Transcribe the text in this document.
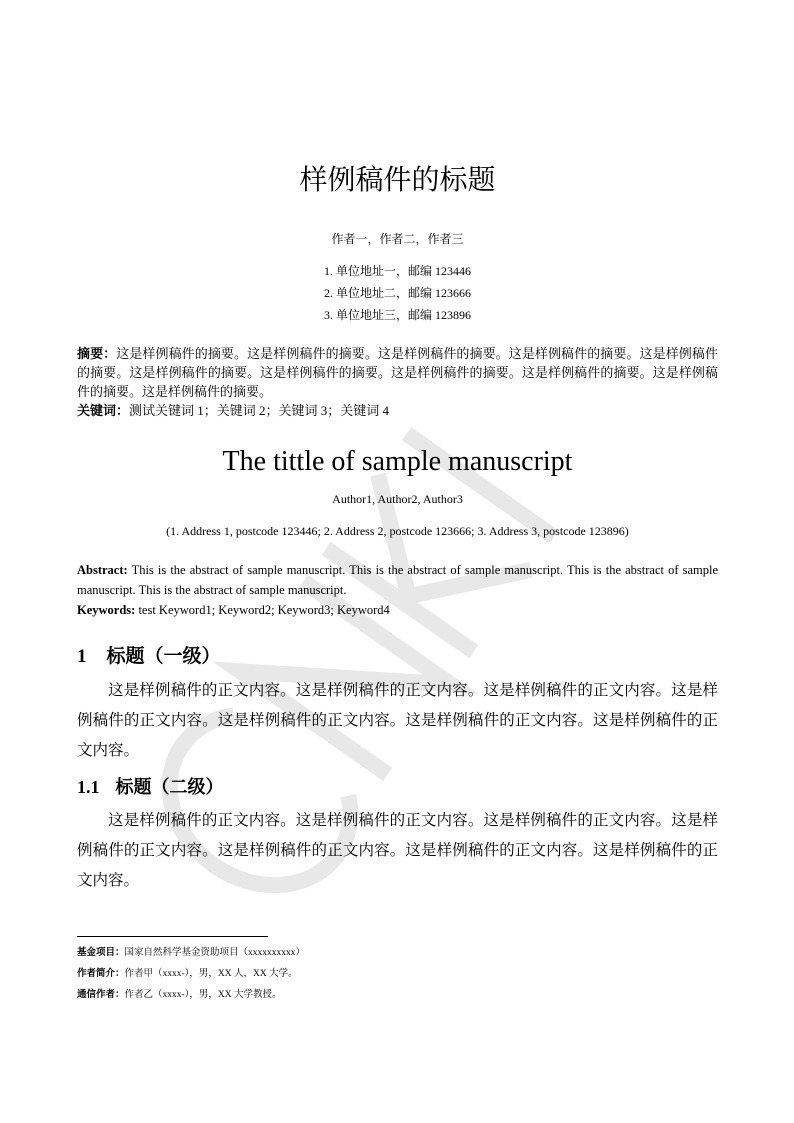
样例稿件的标题
作者一，作者二，作者三
1. 单位地址一，邮编 123446
2. 单位地址二，邮编 123666
3. 单位地址三，邮编 123896
摘要：这是样例稿件的摘要。这是样例稿件的摘要。这是样例稿件的摘要。这是样例稿件的摘要。这是样例稿件的摘要。这是样例稿件的摘要。这是样例稿件的摘要。这是样例稿件的摘要。这是样例稿件的摘要。这是样例稿件的摘要。这是样例稿件的摘要。
关键词：测试关键词 1；关键词 2；关键词 3；关键词 4
The tittle of sample manuscript
Author1, Author2, Author3
(1. Address 1, postcode 123446; 2. Address 2, postcode 123666; 3. Address 3, postcode 123896)
Abstract: This is the abstract of sample manuscript. This is the abstract of sample manuscript. This is the abstract of sample manuscript. This is the abstract of sample manuscript.
Keywords: test Keyword1; Keyword2; Keyword3; Keyword4
1 标题（一级）
这是样例稿件的正文内容。这是样例稿件的正文内容。这是样例稿件的正文内容。这是样例稿件的正文内容。这是样例稿件的正文内容。这是样例稿件的正文内容。这是样例稿件的正文内容。
1.1 标题（二级）
这是样例稿件的正文内容。这是样例稿件的正文内容。这是样例稿件的正文内容。这是样例稿件的正文内容。这是样例稿件的正文内容。这是样例稿件的正文内容。这是样例稿件的正文内容。
基金项目：国家自然科学基金资助项目（xxxxxxxxxx）
作者简介：作者甲（xxxx-），男，XX 人，XX 大学。
通信作者：作者乙（xxxx-），男，XX 大学教授。
